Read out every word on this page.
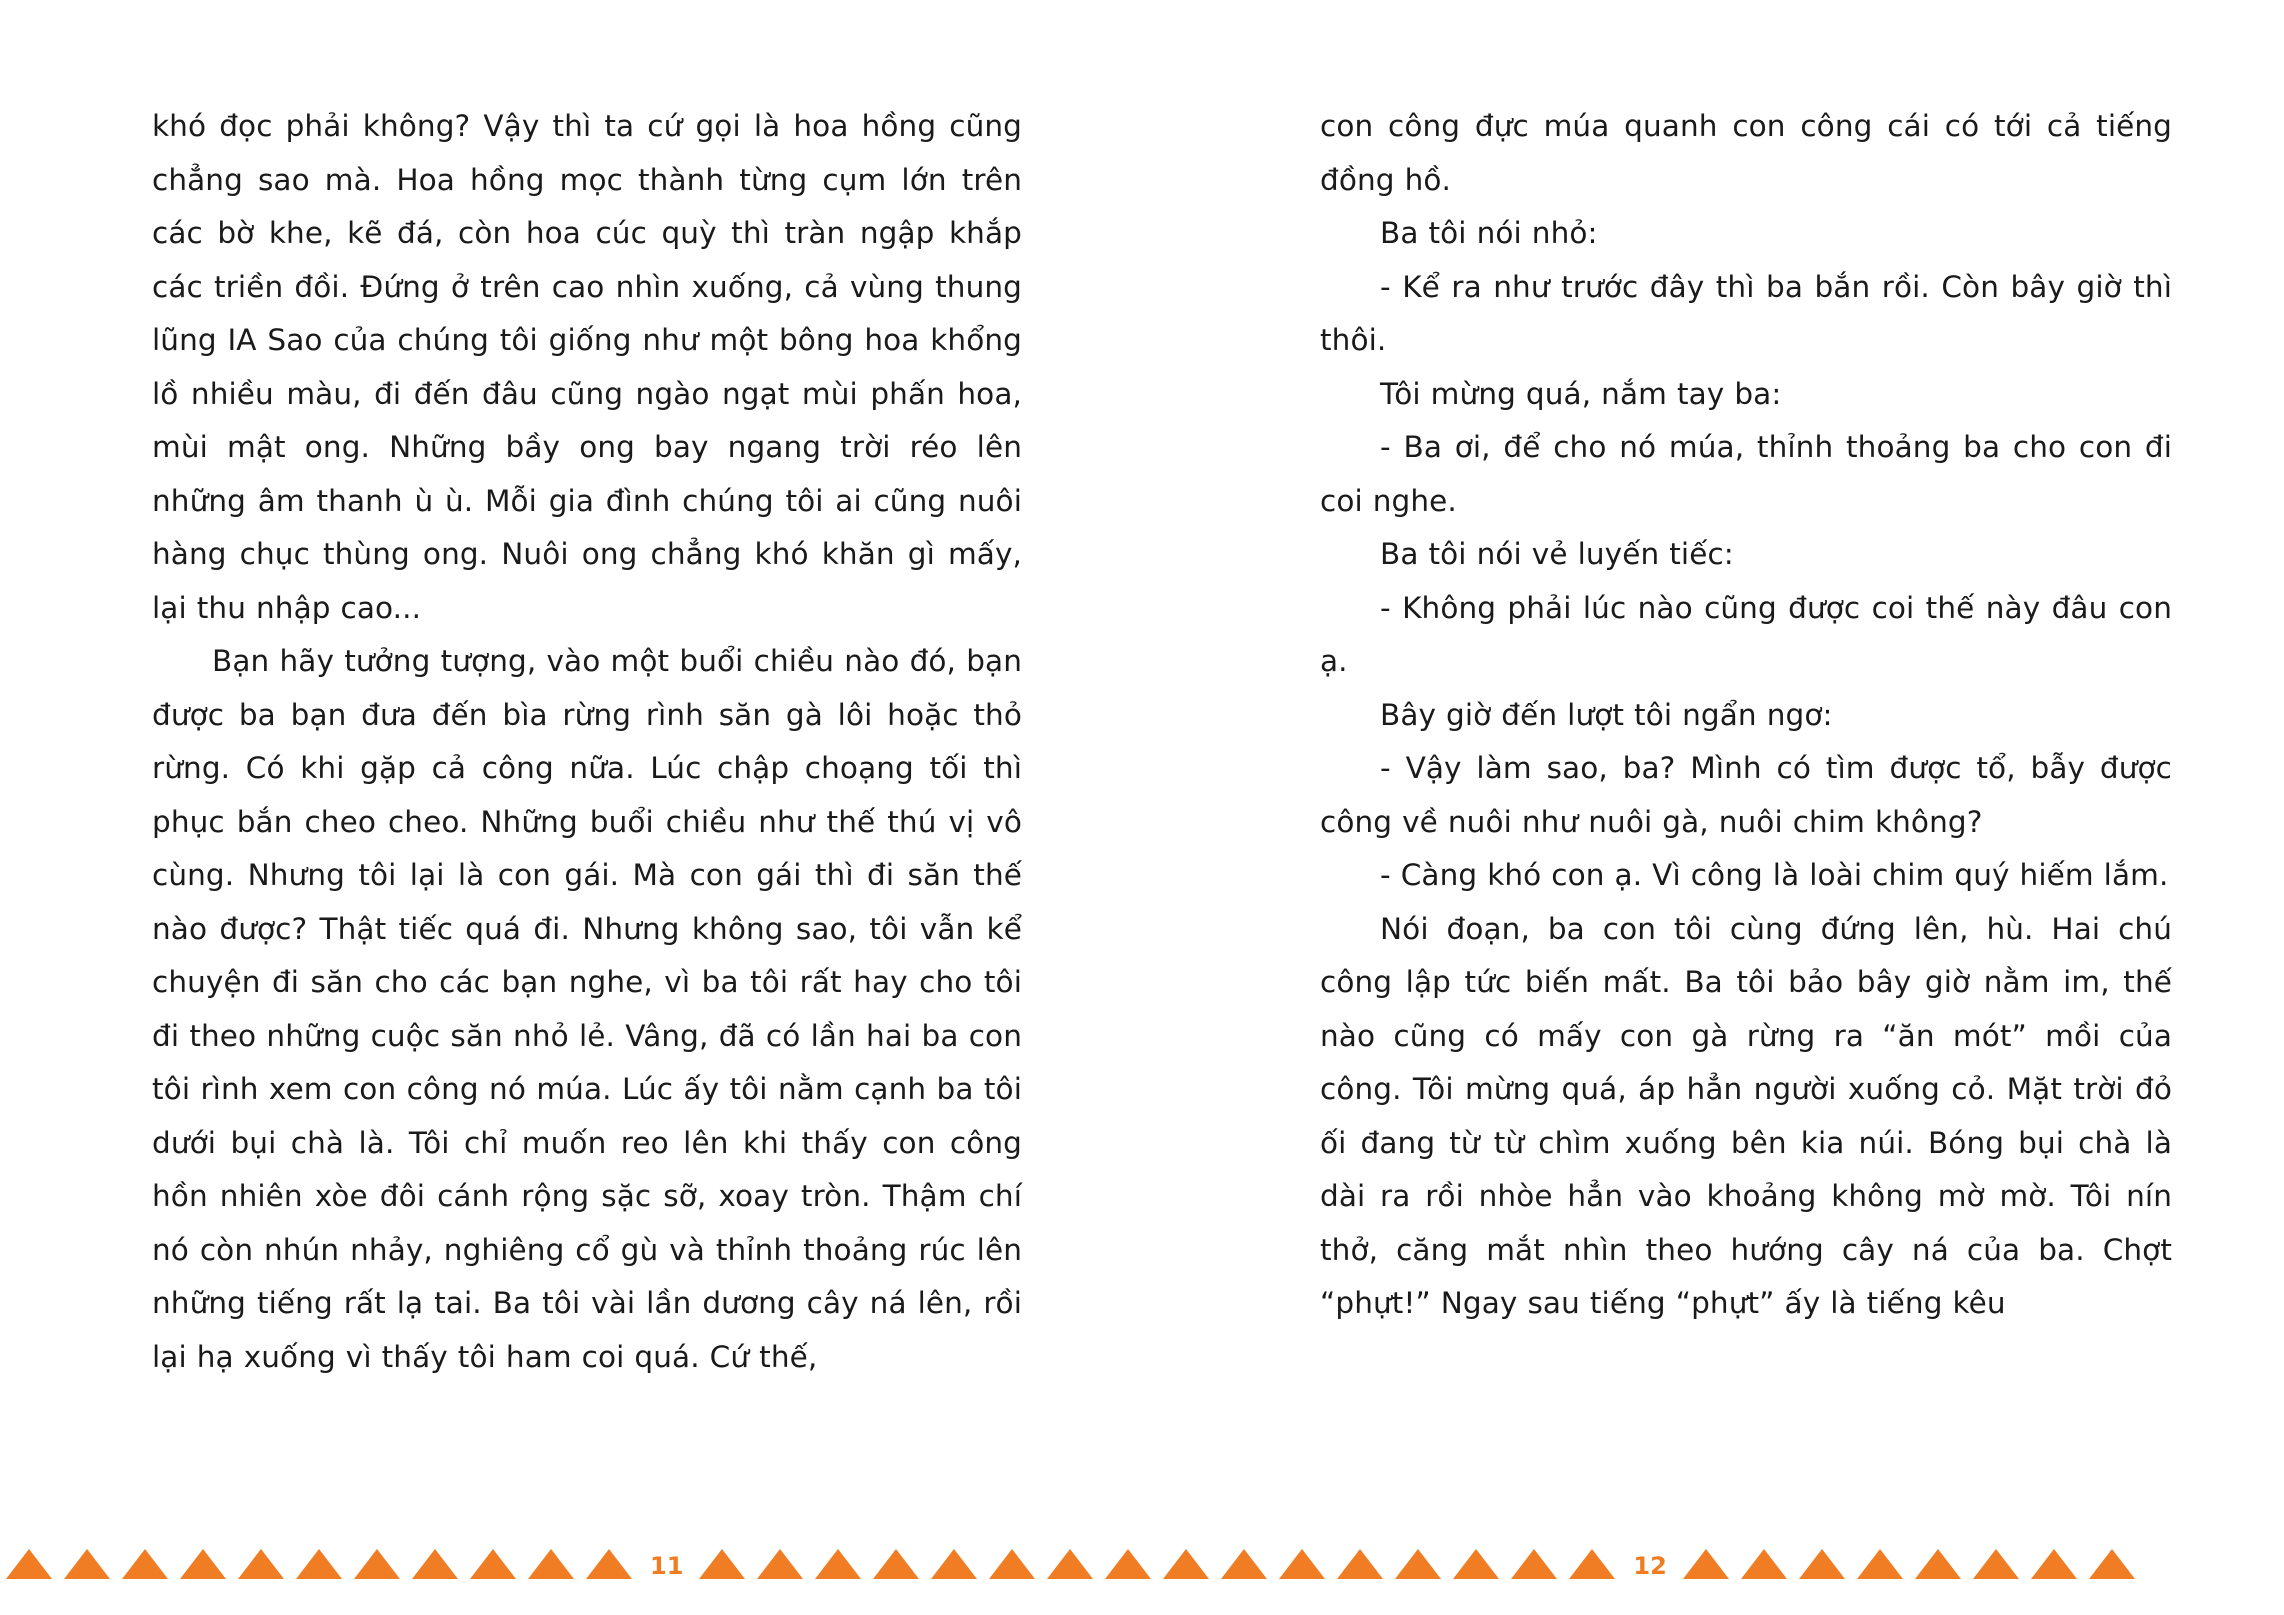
khó đọc phải không? Vậy thì ta cứ gọi là hoa hồng cũng chẳng sao mà. Hoa hồng mọc thành từng cụm lớn trên các bờ khe, kẽ đá, còn hoa cúc quỳ thì tràn ngập khắp các triền đồi. Đứng ở trên cao nhìn xuống, cả vùng thung lũng IA Sao của chúng tôi giống như một bông hoa khổng lồ nhiều màu, đi đến đâu cũng ngào ngạt mùi phấn hoa, mùi mật ong. Những bầy ong bay ngang trời réo lên những âm thanh ù ù. Mỗi gia đình chúng tôi ai cũng nuôi hàng chục thùng ong. Nuôi ong chẳng khó khăn gì mấy, lại thu nhập cao...

Bạn hãy tưởng tượng, vào một buổi chiều nào đó, bạn được ba bạn đưa đến bìa rừng rình săn gà lôi hoặc thỏ rừng. Có khi gặp cả công nữa. Lúc chập choạng tối thì phục bắn cheo cheo. Những buổi chiều như thế thú vị vô cùng. Nhưng tôi lại là con gái. Mà con gái thì đi săn thế nào được? Thật tiếc quá đi. Nhưng không sao, tôi vẫn kể chuyện đi săn cho các bạn nghe, vì ba tôi rất hay cho tôi đi theo những cuộc săn nhỏ lẻ. Vâng, đã có lần hai ba con tôi rình xem con công nó múa. Lúc ấy tôi nằm cạnh ba tôi dưới bụi chà là. Tôi chỉ muốn reo lên khi thấy con công hồn nhiên xòe đôi cánh rộng sặc sỡ, xoay tròn. Thậm chí nó còn nhún nhảy, nghiêng cổ gù và thỉnh thoảng rúc lên những tiếng rất lạ tai. Ba tôi vài lần dương cây ná lên, rồi lại hạ xuống vì thấy tôi ham coi quá. Cứ thế,

con công đực múa quanh con công cái có tới cả tiếng đồng hồ.

Ba tôi nói nhỏ:

- Kể ra như trước đây thì ba bắn rồi. Còn bây giờ thì thôi.

Tôi mừng quá, nắm tay ba:

- Ba ơi, để cho nó múa, thỉnh thoảng ba cho con đi coi nghe.

Ba tôi nói vẻ luyến tiếc:

- Không phải lúc nào cũng được coi thế này đâu con ạ.

Bây giờ đến lượt tôi ngẩn ngơ:

- Vậy làm sao, ba? Mình có tìm được tổ, bẫy được công về nuôi như nuôi gà, nuôi chim không?

- Càng khó con ạ. Vì công là loài chim quý hiếm lắm.

Nói đoạn, ba con tôi cùng đứng lên, hù. Hai chú công lập tức biến mất. Ba tôi bảo bây giờ nằm im, thế nào cũng có mấy con gà rừng ra “ăn mót” mồi của công. Tôi mừng quá, áp hẳn người xuống cỏ. Mặt trời đỏ ối đang từ từ chìm xuống bên kia núi. Bóng bụi chà là dài ra rồi nhòe hẳn vào khoảng không mờ mờ. Tôi nín thở, căng mắt nhìn theo hướng cây ná của ba. Chợt “phựt!” Ngay sau tiếng “phựt” ấy là tiếng kêu

11	12
